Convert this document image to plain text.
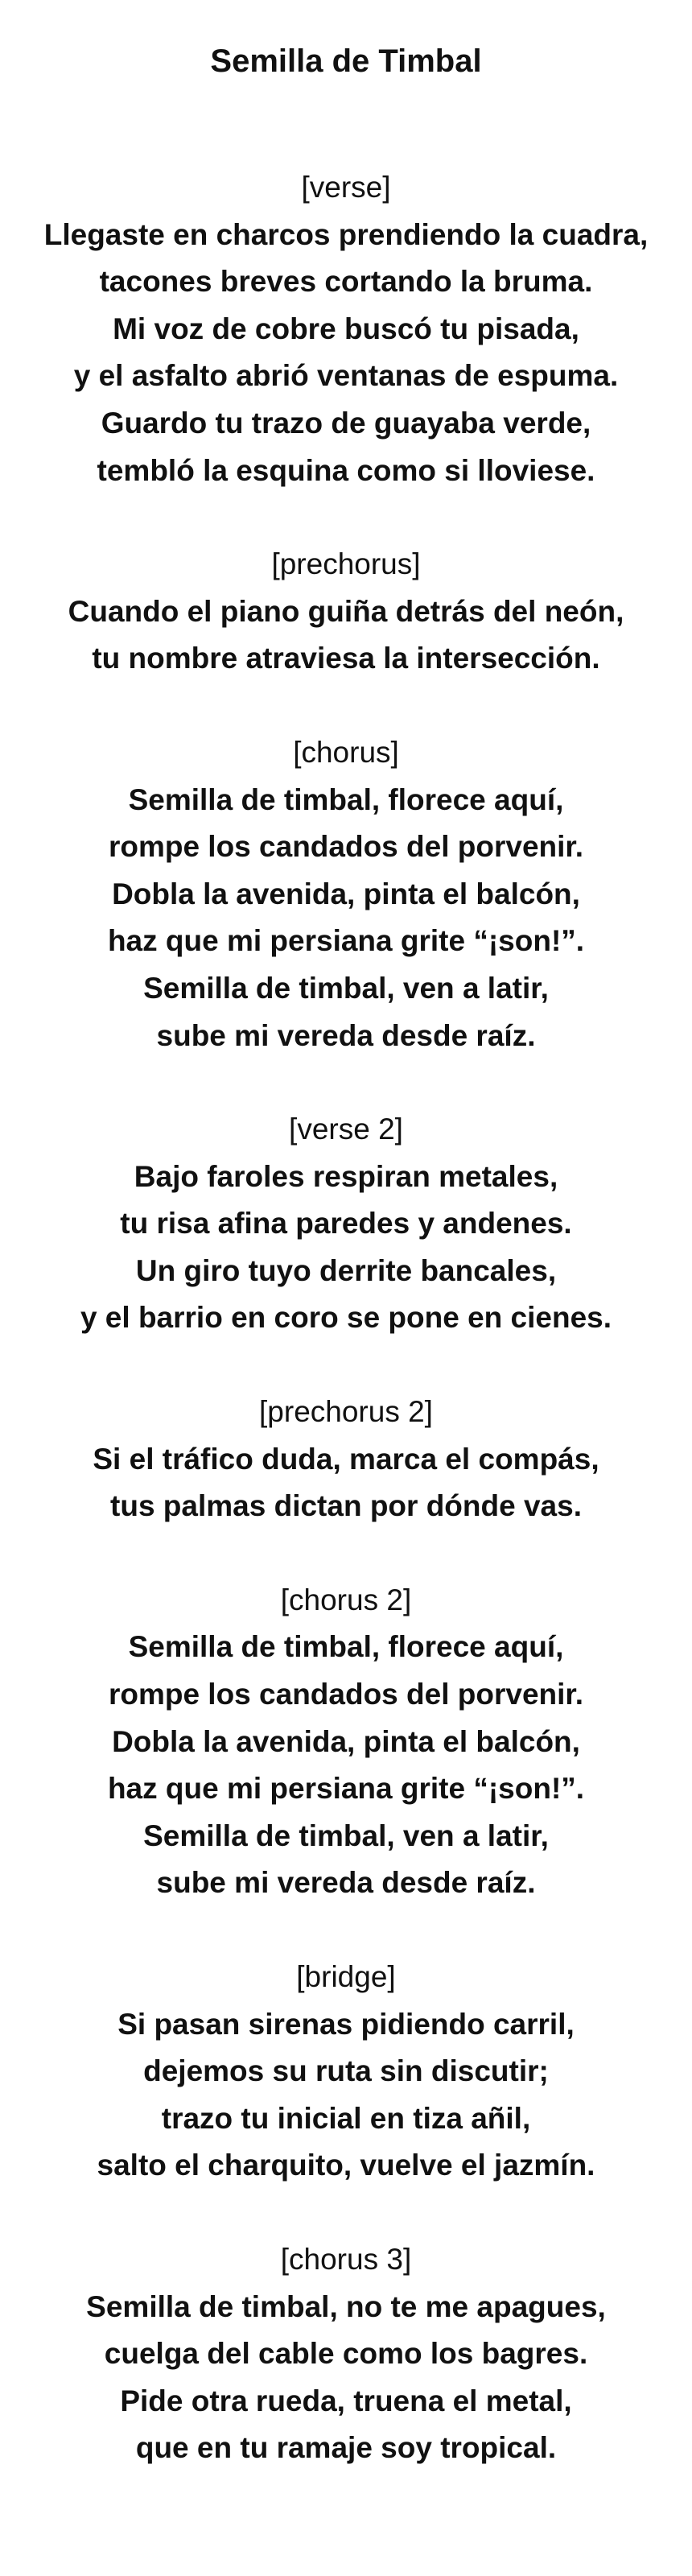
Semilla de Timbal
[verse]
Llegaste en charcos prendiendo la cuadra,
tacones breves cortando la bruma.
Mi voz de cobre buscó tu pisada,
y el asfalto abrió ventanas de espuma.
Guardo tu trazo de guayaba verde,
tembló la esquina como si lloviese.
[prechorus]
Cuando el piano guiña detrás del neón,
tu nombre atraviesa la intersección.
[chorus]
Semilla de timbal, florece aquí,
rompe los candados del porvenir.
Dobla la avenida, pinta el balcón,
haz que mi persiana grite “¡son!”.
Semilla de timbal, ven a latir,
sube mi vereda desde raíz.
[verse 2]
Bajo faroles respiran metales,
tu risa afina paredes y andenes.
Un giro tuyo derrite bancales,
y el barrio en coro se pone en cienes.
[prechorus 2]
Si el tráfico duda, marca el compás,
tus palmas dictan por dónde vas.
[chorus 2]
Semilla de timbal, florece aquí,
rompe los candados del porvenir.
Dobla la avenida, pinta el balcón,
haz que mi persiana grite “¡son!”.
Semilla de timbal, ven a latir,
sube mi vereda desde raíz.
[bridge]
Si pasan sirenas pidiendo carril,
dejemos su ruta sin discutir;
trazo tu inicial en tiza añil,
salto el charquito, vuelve el jazmín.
[chorus 3]
Semilla de timbal, no te me apagues,
cuelga del cable como los bagres.
Pide otra rueda, truena el metal,
que en tu ramaje soy tropical.
